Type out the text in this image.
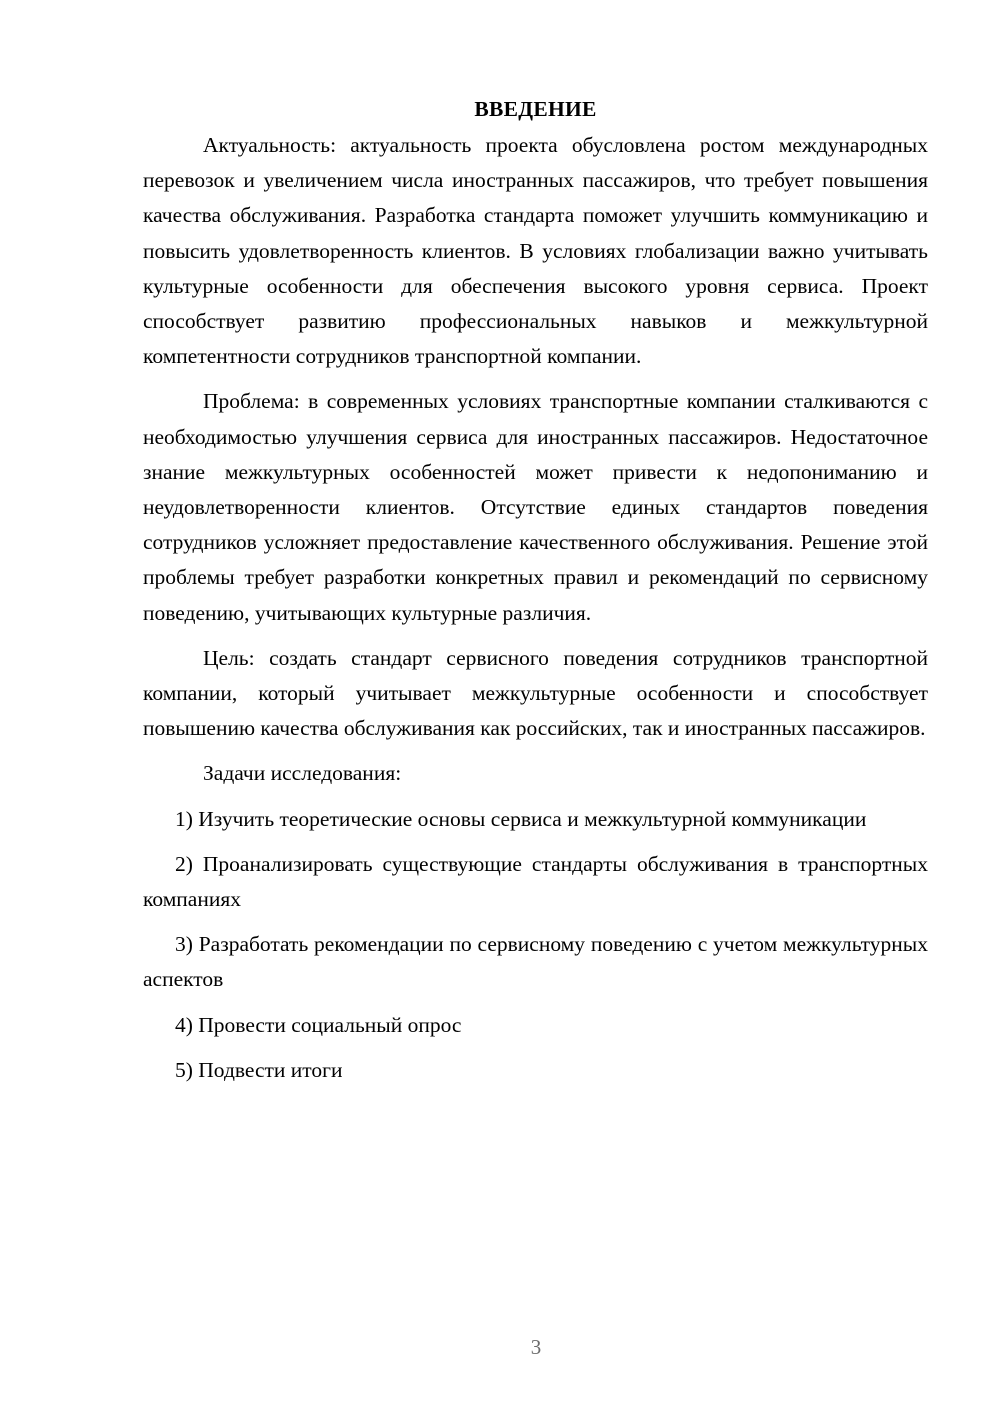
ВВЕДЕНИЕ

Актуальность: актуальность проекта обусловлена ростом международных перевозок и увеличением числа иностранных пассажиров, что требует повышения качества обслуживания. Разработка стандарта поможет улучшить коммуникацию и повысить удовлетворенность клиентов. В условиях глобализации важно учитывать культурные особенности для обеспечения высокого уровня сервиса. Проект способствует развитию профессиональных навыков и межкультурной компетентности сотрудников транспортной компании.

Проблема: в современных условиях транспортные компании сталкиваются с необходимостью улучшения сервиса для иностранных пассажиров. Недостаточное знание межкультурных особенностей может привести к недопониманию и неудовлетворенности клиентов. Отсутствие единых стандартов поведения сотрудников усложняет предоставление качественного обслуживания. Решение этой проблемы требует разработки конкретных правил и рекомендаций по сервисному поведению, учитывающих культурные различия.

Цель: создать стандарт сервисного поведения сотрудников транспортной компании, который учитывает межкультурные особенности и способствует повышению качества обслуживания как российских, так и иностранных пассажиров.

Задачи исследования:

1) Изучить теоретические основы сервиса и межкультурной коммуникации

2) Проанализировать существующие стандарты обслуживания в транспортных компаниях

3) Разработать рекомендации по сервисному поведению с учетом межкультурных аспектов

4) Провести социальный опрос

5) Подвести итоги

3
